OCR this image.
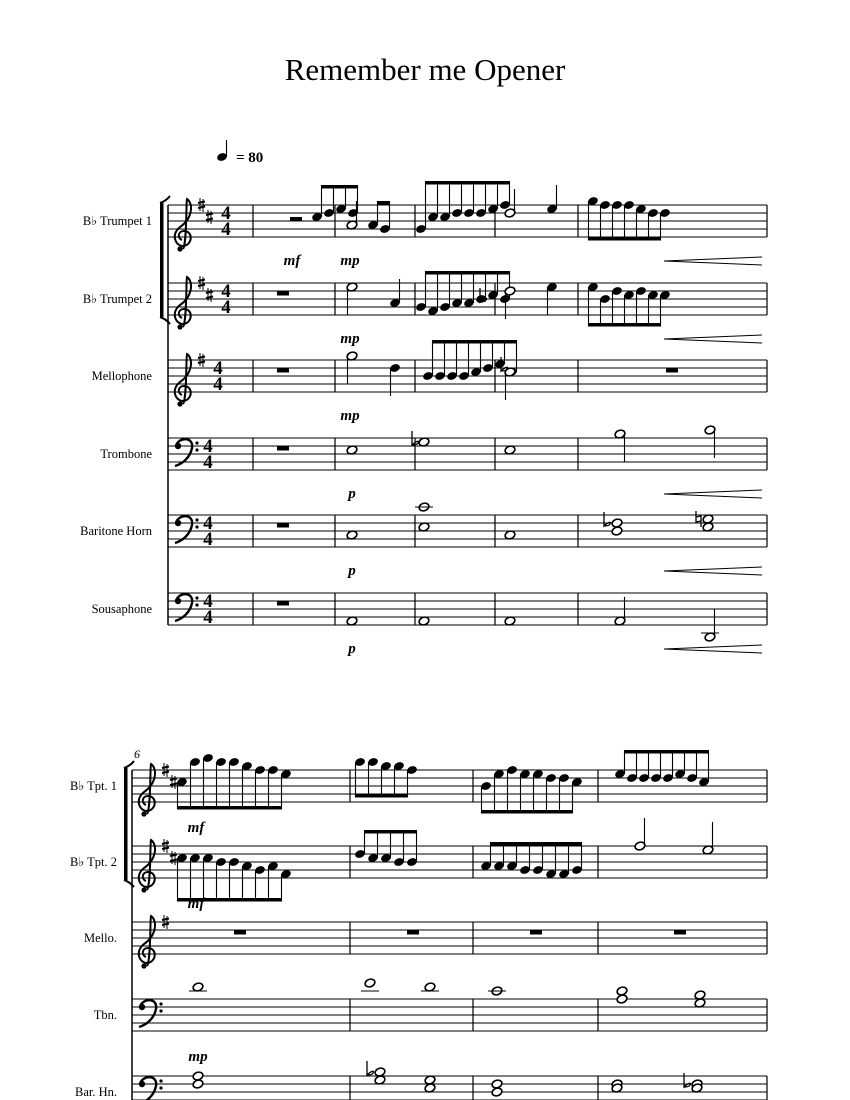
Remember me Opener
B♭ Trumpet 1	4
4
B♭ Trumpet 2	4
4
Mellophone	4
4
Trombone	4
4
Baritone Horn	4
4
Sousaphone	4
4
= 80
mf	mp
mp
mp
p
p
p
B♭ Tpt. 1
B♭ Tpt. 2
Mello.
Tbn.
Bar. Hn.
6
mf
mf
mp
